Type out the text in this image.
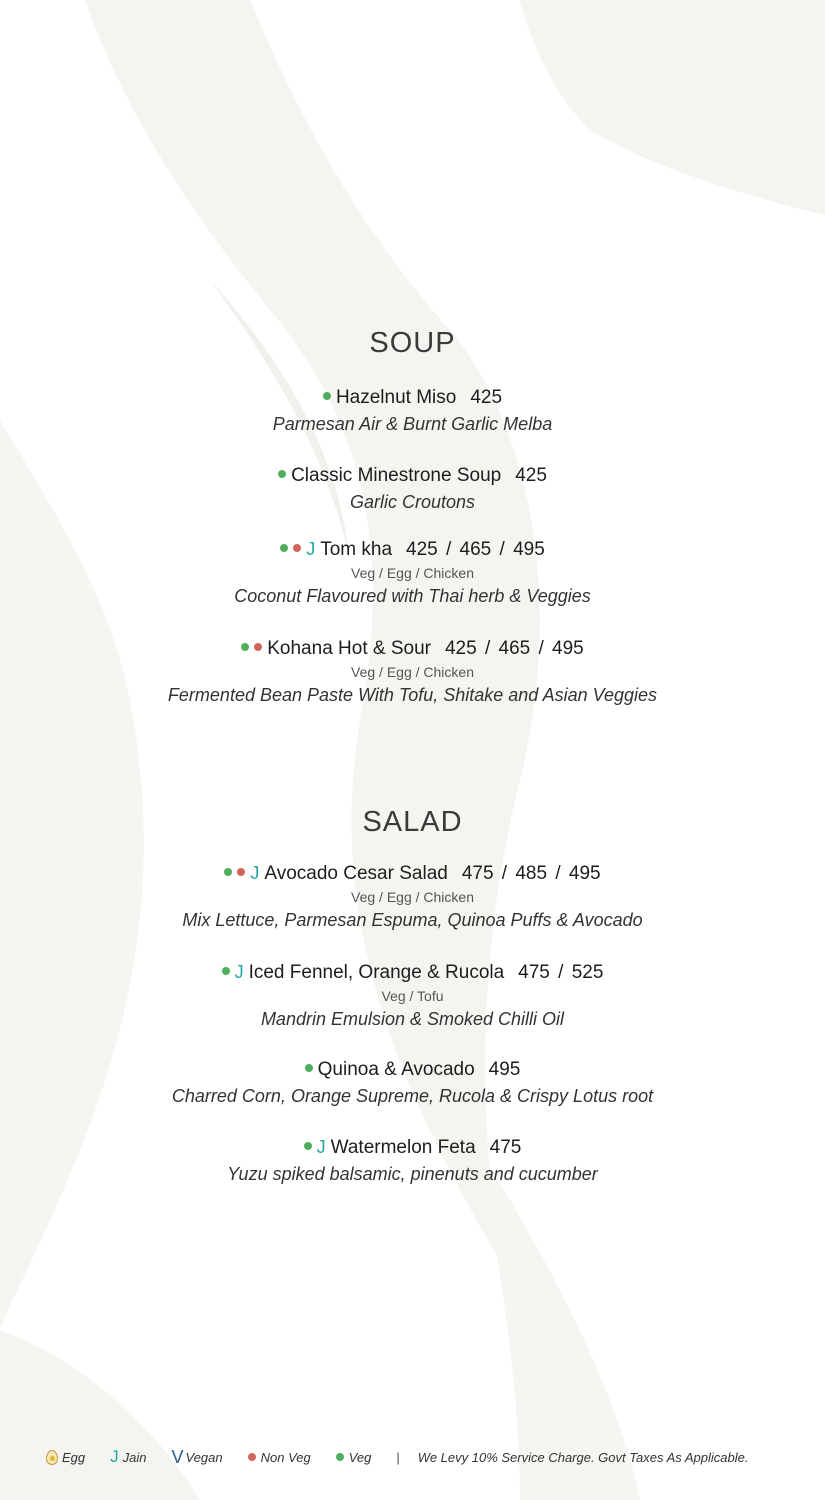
SOUP
Hazelnut Miso 425
Parmesan Air & Burnt Garlic Melba
Classic Minestrone Soup 425
Garlic Croutons
J Tom kha 425 / 465 / 495
Veg / Egg / Chicken
Coconut Flavoured with Thai herb & Veggies
Kohana Hot & Sour 425 / 465 / 495
Veg / Egg / Chicken
Fermented Bean Paste With Tofu, Shitake and Asian Veggies
SALAD
J Avocado Cesar Salad 475 / 485 / 495
Veg / Egg / Chicken
Mix Lettuce, Parmesan Espuma, Quinoa Puffs & Avocado
J Iced Fennel, Orange & Rucola 475 / 525
Veg / Tofu
Mandrin Emulsion & Smoked Chilli Oil
Quinoa & Avocado 495
Charred Corn, Orange Supreme, Rucola & Crispy Lotus root
J Watermelon Feta 475
Yuzu spiked balsamic, pinenuts and cucumber
Egg J Jain V Vegan	Non Veg	Veg | We Levy 10% Service Charge. Govt Taxes As Applicable.
